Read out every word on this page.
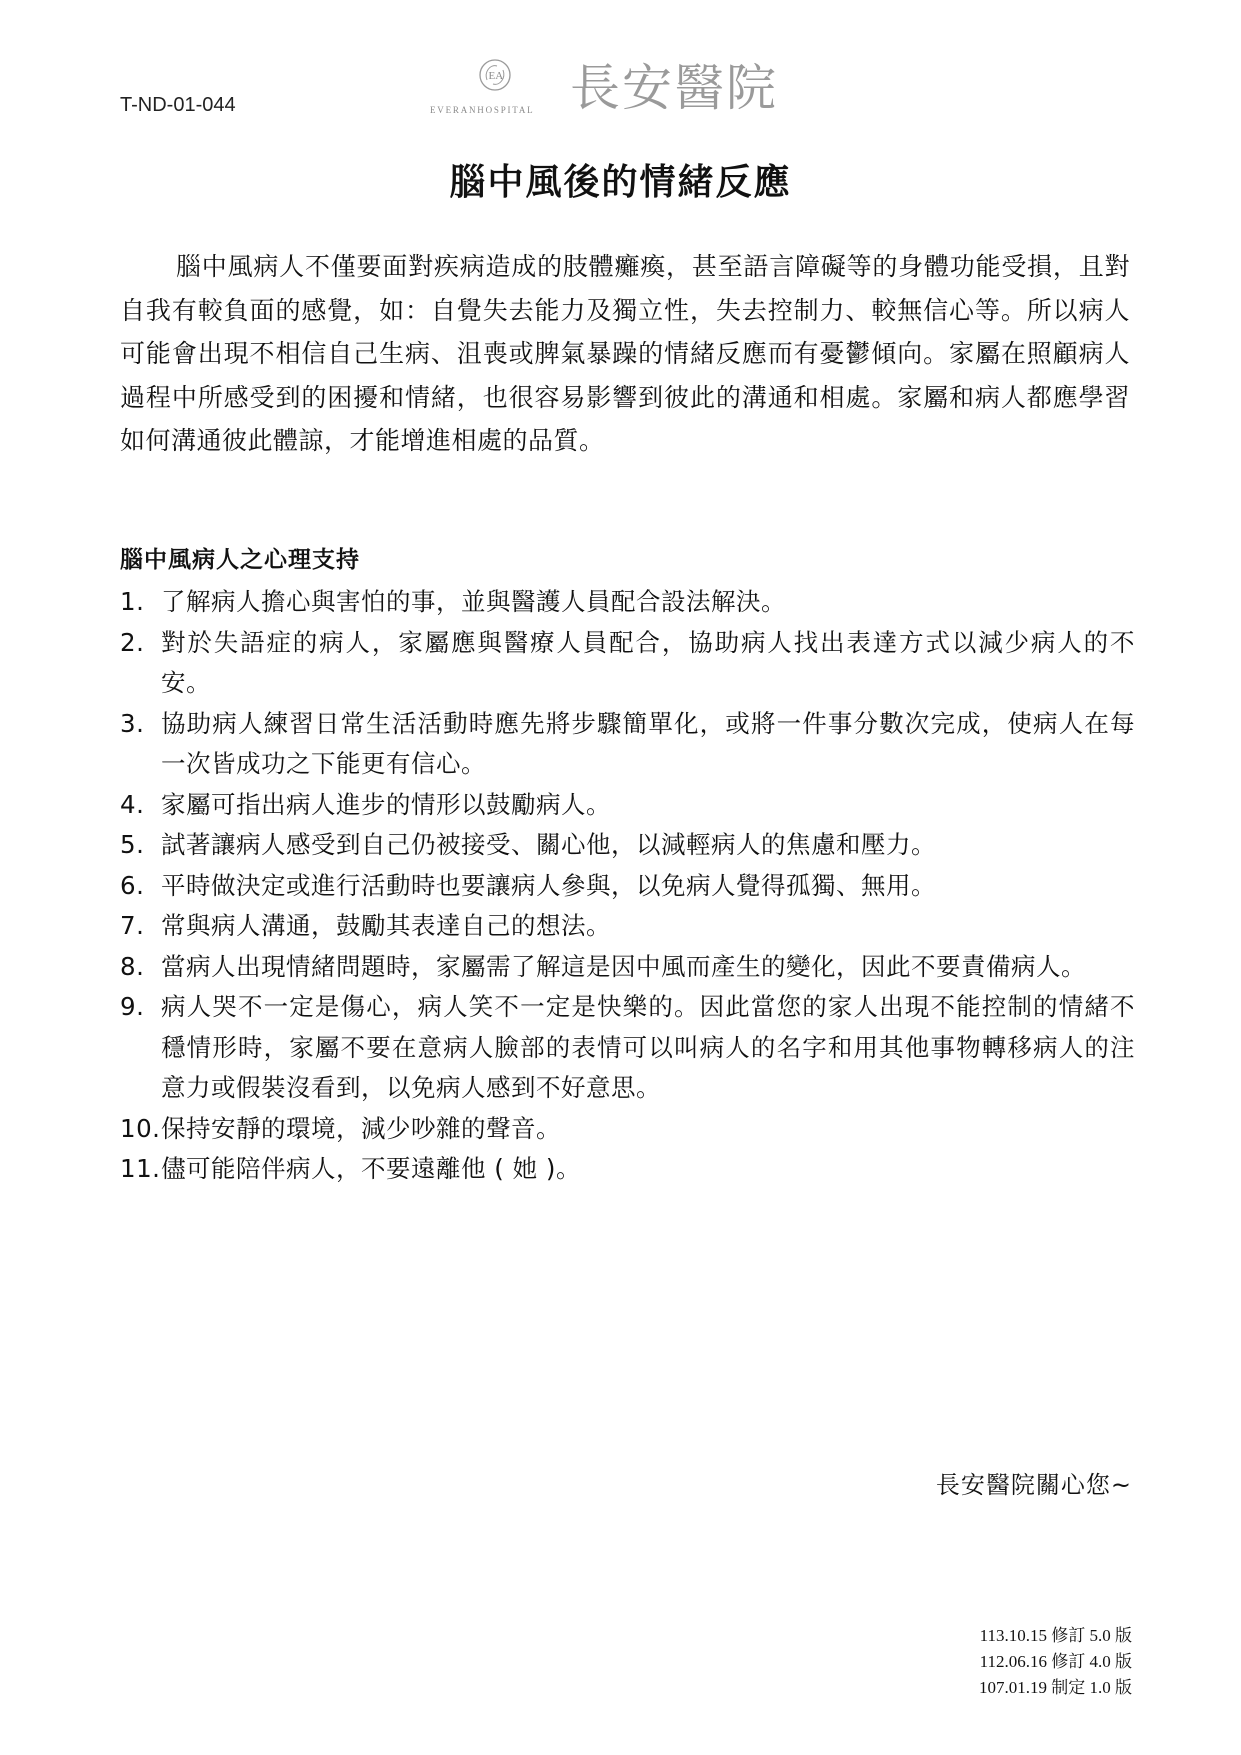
T-ND-01-044
EA
EVERANHOSPITAL 長安醫院
腦中風後的情緒反應

腦中風病人不僅要面對疾病造成的肢體癱瘓，甚至語言障礙等的身體功能受損，且對自我有較負面的感覺，如：自覺失去能力及獨立性，失去控制力、較無信心等。所以病人可能會出現不相信自己生病、沮喪或脾氣暴躁的情緒反應而有憂鬱傾向。家屬在照顧病人過程中所感受到的困擾和情緒，也很容易影響到彼此的溝通和相處。家屬和病人都應學習如何溝通彼此體諒，才能增進相處的品質。

腦中風病人之心理支持
1. 了解病人擔心與害怕的事，並與醫護人員配合設法解決。
2. 對於失語症的病人，家屬應與醫療人員配合，協助病人找出表達方式以減少病人的不安。
3. 協助病人練習日常生活活動時應先將步驟簡單化，或將一件事分數次完成，使病人在每一次皆成功之下能更有信心。
4. 家屬可指出病人進步的情形以鼓勵病人。
5. 試著讓病人感受到自己仍被接受、關心他，以減輕病人的焦慮和壓力。
6. 平時做決定或進行活動時也要讓病人參與，以免病人覺得孤獨、無用。
7. 常與病人溝通，鼓勵其表達自己的想法。
8. 當病人出現情緒問題時，家屬需了解這是因中風而產生的變化，因此不要責備病人。
9. 病人哭不一定是傷心，病人笑不一定是快樂的。因此當您的家人出現不能控制的情緒不穩情形時，家屬不要在意病人臉部的表情可以叫病人的名字和用其他事物轉移病人的注意力或假裝沒看到，以免病人感到不好意思。
10. 保持安靜的環境，減少吵雜的聲音。
11. 儘可能陪伴病人，不要遠離他 ( 她 )。
長安醫院關心您~
113.10.15 修訂 5.0 版
112.06.16 修訂 4.0 版
107.01.19 制定 1.0 版
